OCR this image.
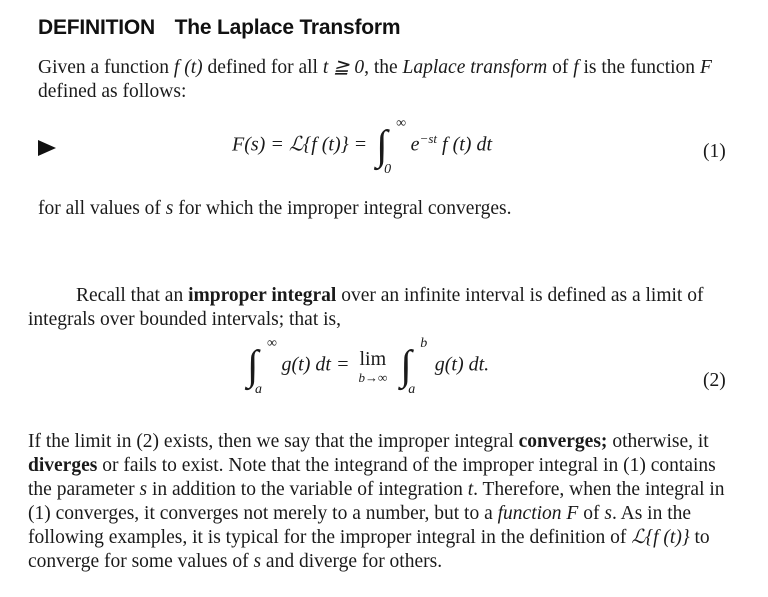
DEFINITION The Laplace Transform

Given a function f (t) defined for all t ≧ 0, the Laplace transform of f is the function F defined as follows:

F(s) = ℒ{f (t)} = ∫ ∞
0
$e^{-st}$ f (t) dt	(1)

for all values of s for which the improper integral converges.

Recall that an improper integral over an infinite interval is defined as a limit of integrals over bounded intervals; that is,

∫ ∞
a
g(t) dt = lim
b→∞ ∫ b
a
g(t) dt.
(2)

If the limit in (2) exists, then we say that the improper integral converges; otherwise, it diverges or fails to exist. Note that the integrand of the improper integral in (1) contains the parameter s in addition to the variable of integration t. Therefore, when the integral in (1) converges, it converges not merely to a number, but to a function F of s. As in the following examples, it is typical for the improper integral in the definition of ℒ{f (t)} to converge for some values of s and diverge for others.
